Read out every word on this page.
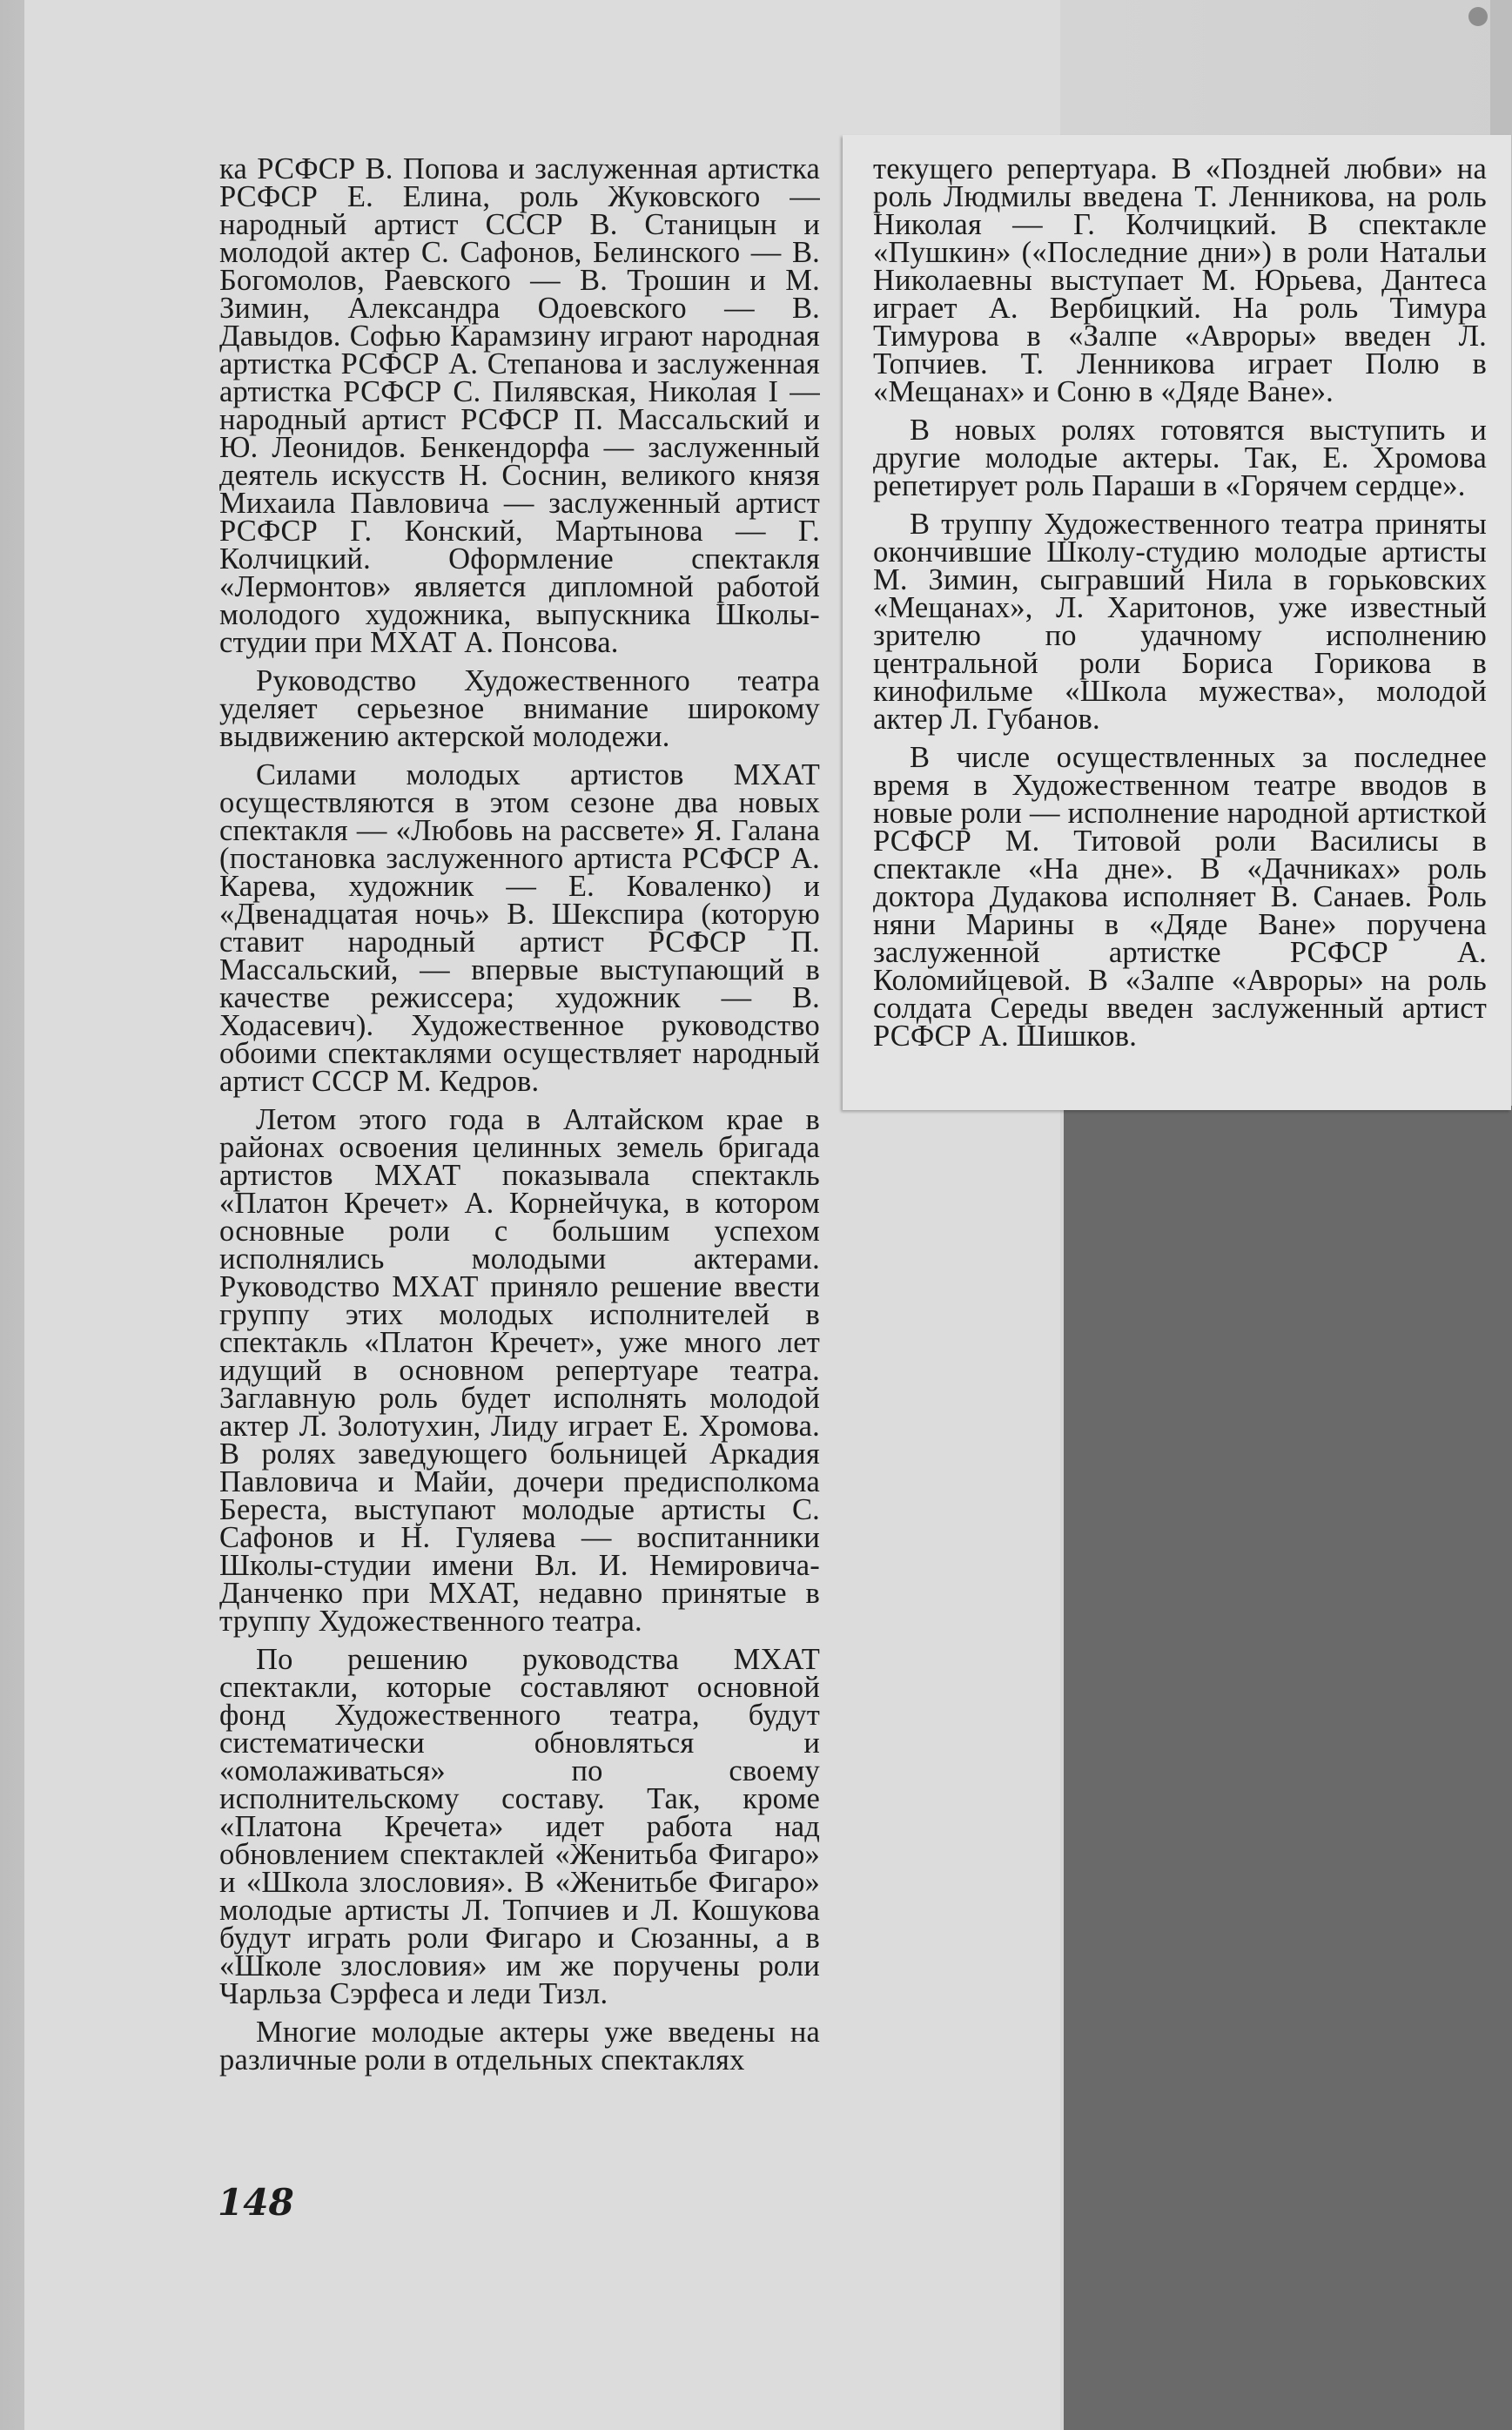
ка РСФСР В. Попова и заслуженная артистка РСФСР Е. Елина, роль Жуковского — народный артист СССР В. Станицын и молодой актер С. Сафонов, Белинского — В. Богомолов, Раевского — В. Трошин и М. Зимин, Александра Одоевского — В. Давыдов. Софью Карамзину играют народная артистка РСФСР А. Степанова и заслуженная артистка РСФСР С. Пилявская, Николая I — народный артист РСФСР П. Массальский и Ю. Леонидов. Бенкендорфа — заслуженный деятель искусств Н. Соснин, великого князя Михаила Павловича — заслуженный артист РСФСР Г. Конский, Мартынова — Г. Колчицкий. Оформление спектакля «Лермонтов» является дипломной работой молодого художника, выпускника Школы-студии при МХАТ А. Понсова.

Руководство Художественного театра уделяет серьезное внимание широкому выдвижению актерской молодежи.

Силами молодых артистов МХАТ осуществляются в этом сезоне два новых спектакля — «Любовь на рассвете» Я. Галана (постановка заслуженного артиста РСФСР А. Карева, художник — Е. Коваленко) и «Двенадцатая ночь» В. Шекспира (которую ставит народный артист РСФСР П. Массальский, — впервые выступающий в качестве режиссера; художник — В. Ходасевич). Художественное руководство обоими спектаклями осуществляет народный артист СССР М. Кедров.

Летом этого года в Алтайском крае в районах освоения целинных земель бригада артистов МХАТ показывала спектакль «Платон Кречет» А. Корнейчука, в котором основные роли с большим успехом исполнялись молодыми актерами. Руководство МХАТ приняло решение ввести группу этих молодых исполнителей в спектакль «Платон Кречет», уже много лет идущий в основном репертуаре театра. Заглавную роль будет исполнять молодой актер Л. Золотухин, Лиду играет Е. Хромова. В ролях заведующего больницей Аркадия Павловича и Майи, дочери предисполкома Береста, выступают молодые артисты С. Сафонов и Н. Гуляева — воспитанники Школы-студии имени Вл. И. Немировича-Данченко при МХАТ, недавно принятые в труппу Художественного театра.

По решению руководства МХАТ спектакли, которые составляют основной фонд Художественного театра, будут систематически обновляться и «омолаживаться» по своему исполнительскому составу. Так, кроме «Платона Кречета» идет работа над обновлением спектаклей «Женитьба Фигаро» и «Школа злословия». В «Женитьбе Фигаро» молодые артисты Л. Топчиев и Л. Кошукова будут играть роли Фигаро и Сюзанны, а в «Школе злословия» им же поручены роли Чарльза Сэрфеса и леди Тизл.

Многие молодые актеры уже введены на различные роли в отдельных спектаклях

текущего репертуара. В «Поздней любви» на роль Людмилы введена Т. Ленникова, на роль Николая — Г. Колчицкий. В спектакле «Пушкин» («Последние дни») в роли Натальи Николаевны выступает М. Юрьева, Дантеса играет А. Вербицкий. На роль Тимура Тимурова в «Залпе «Авроры» введен Л. Топчиев. Т. Ленникова играет Полю в «Мещанах» и Соню в «Дяде Ване».

В новых ролях готовятся выступить и другие молодые актеры. Так, Е. Хромова репетирует роль Параши в «Горячем сердце».

В труппу Художественного театра приняты окончившие Школу-студию молодые артисты М. Зимин, сыгравший Нила в горьковских «Мещанах», Л. Харитонов, уже известный зрителю по удачному исполнению центральной роли Бориса Горикова в кинофильме «Школа мужества», молодой актер Л. Губанов.

В числе осуществленных за последнее время в Художественном театре вводов в новые роли — исполнение народной артисткой РСФСР М. Титовой роли Василисы в спектакле «На дне». В «Дачниках» роль доктора Дудакова исполняет В. Санаев. Роль няни Марины в «Дяде Ване» поручена заслуженной артистке РСФСР А. Коломийцевой. В «Залпе «Авроры» на роль солдата Середы введен заслуженный артист РСФСР А. Шишков.

148
